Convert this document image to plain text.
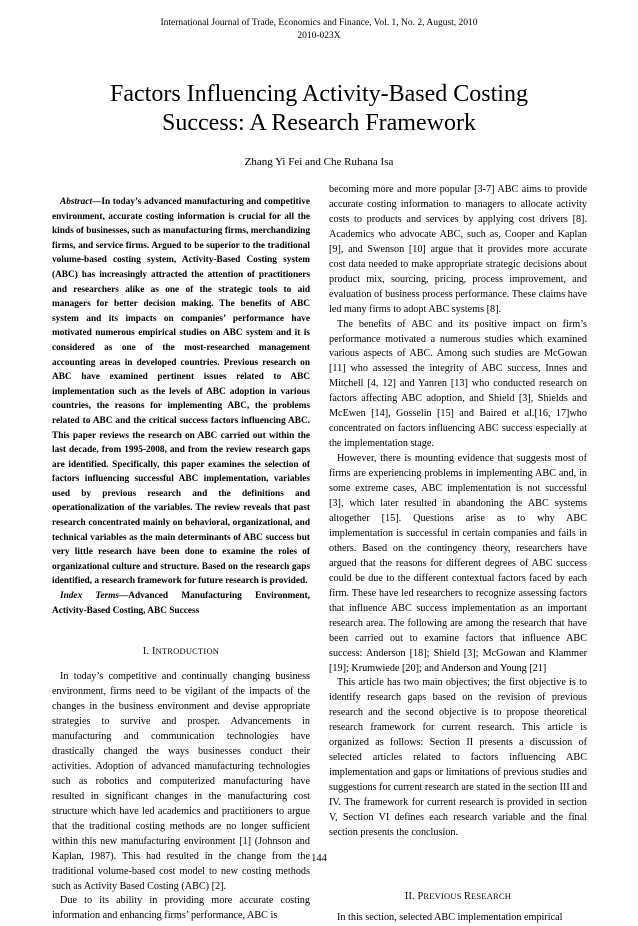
International Journal of Trade, Economics and Finance, Vol. 1, No. 2, August, 2010
2010-023X
Factors Influencing Activity-Based Costing
Success: A Research Framework
Zhang Yi Fei and Che Ruhana Isa

Abstract—In today’s advanced manufacturing and competitive environment, accurate costing information is crucial for all the kinds of businesses, such as manufacturing firms, merchandizing firms, and service firms. Argued to be superior to the traditional volume-based costing system, Activity-Based Costing system (ABC) has increasingly attracted the attention of practitioners and researchers alike as one of the strategic tools to aid managers for better decision making. The benefits of ABC system and its impacts on companies’ performance have motivated numerous empirical studies on ABC system and it is considered as one of the most-researched management accounting areas in developed countries. Previous research on ABC have examined pertinent issues related to ABC implementation such as the levels of ABC adoption in various countries, the reasons for implementing ABC, the problems related to ABC and the critical success factors influencing ABC. This paper reviews the research on ABC carried out within the last decade, from 1995-2008, and from the review research gaps are identified. Specifically, this paper examines the selection of factors influencing successful ABC implementation, variables used by previous research and the definitions and operationalization of the variables. The review reveals that past research concentrated mainly on behavioral, organizational, and technical variables as the main determinants of ABC success but very little research have been done to examine the roles of organizational culture and structure. Based on the research gaps identified, a research framework for future research is provided.

Index Terms—Advanced Manufacturing Environment, Activity-Based Costing, ABC Success

I. INTRODUCTION

In today’s competitive and continually changing business environment, firms need to be vigilant of the impacts of the changes in the business environment and devise appropriate strategies to survive and prosper. Advancements in manufacturing and communication technologies have drastically changed the ways businesses conduct their activities. Adoption of advanced manufacturing technologies such as robotics and computerized manufacturing have resulted in significant changes in the manufacturing cost structure which have led academics and practitioners to argue that the traditional costing methods are no longer sufficient within this new manufacturing environment [1] (Johnson and Kaplan, 1987). This had resulted in the change from the traditional volume-based cost model to new costing methods such as Activity Based Costing (ABC) [2].

Due to its ability in providing more accurate costing information and enhancing firms’ performance, ABC is

becoming more and more popular [3-7] ABC aims to provide accurate costing information to managers to allocate activity costs to products and services by applying cost drivers [8]. Academics who advocate ABC, such as, Cooper and Kaplan [9], and Swenson [10] argue that it provides more accurate cost data needed to make appropriate strategic decisions about product mix, sourcing, pricing, process improvement, and evaluation of business process performance. These claims have led many firms to adopt ABC systems [8].

The benefits of ABC and its positive impact on firm’s performance motivated a numerous studies which examined various aspects of ABC. Among such studies are McGowan [11] who assessed the integrity of ABC success, Innes and Mitchell [4, 12] and Yanren [13] who conducted research on factors affecting ABC adoption, and Shield [3], Shields and McEwen [14], Gosselin [15] and Baired et al.[16, 17]who concentrated on factors influencing ABC success especially at the implementation stage.

However, there is mounting evidence that suggests most of firms are experiencing problems in implementing ABC and, in some extreme cases, ABC implementation is not successful [3], which later resulted in abandoning the ABC systems altogether [15]. Questions arise as to why ABC implementation is successful in certain companies and fails in others. Based on the contingency theory, researchers have argued that the reasons for different degrees of ABC success could be due to the different contextual factors faced by each firm. These have led researchers to recognize assessing factors that influence ABC success implementation as an important research area. The following are among the research that have been carried out to examine factors that influence ABC success: Anderson [18]; Shield [3]; McGowan and Klammer [19]; Krumwiede [20]; and Anderson and Young [21]

This article has two main objectives; the first objective is to identify research gaps based on the revision of previous research and the second objective is to propose theoretical research framework for current research. This article is organized as follows: Section II presents a discussion of selected articles related to factors influencing ABC implementation and gaps or limitations of previous studies and suggestions for current research are stated in the section III and IV. The framework for current research is provided in section V, Section VI defines each research variable and the final section presents the conclusion.

II. PREVIOUS RESEARCH

In this section, selected ABC implementation empirical

144
